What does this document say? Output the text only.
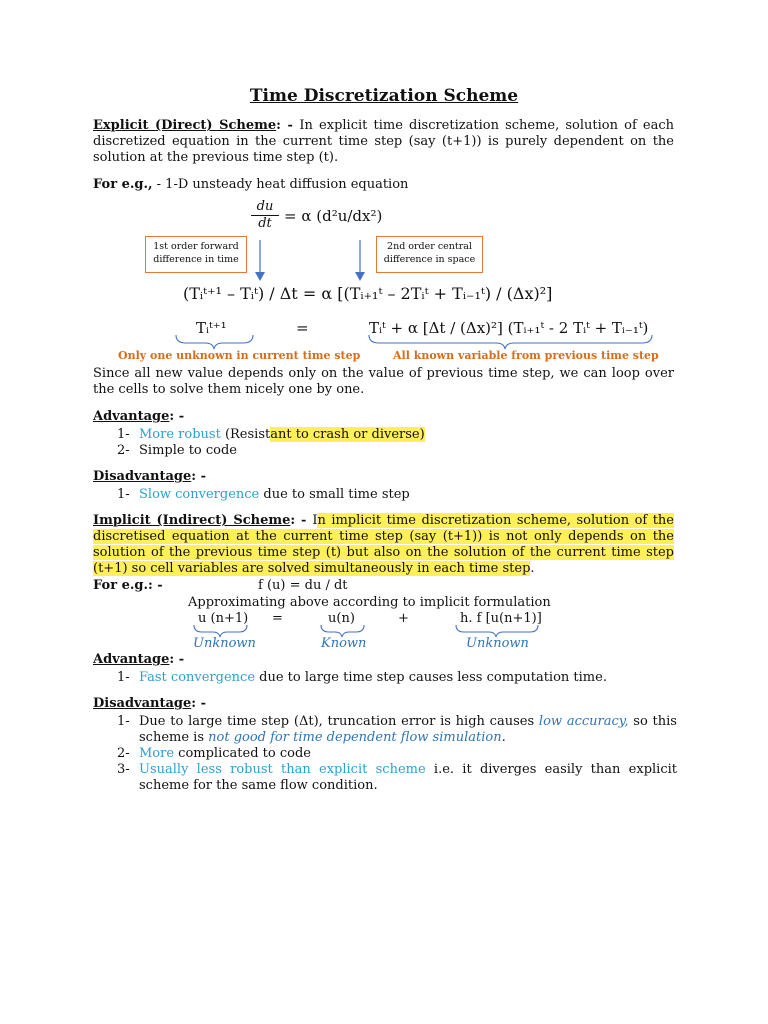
Time Discretization Scheme
Explicit (Direct) Scheme: - In explicit time discretization scheme, solution of each discretized equation in the current time step (say (t+1)) is purely dependent on the solution at the previous time step (t).
For e.g., - 1-D unsteady heat diffusion equation
$\frac{du}{dt} = \alpha$ (d²u/dx²)
1st order forward difference in time
2nd order central difference in space
(Tᵢᵗ⁺¹ – Tᵢᵗ) / Δt = α [(Tᵢ₊₁ᵗ – 2Tᵢᵗ + Tᵢ₋₁ᵗ) / (Δx)²]
Tᵢᵗ⁺¹	=	Tᵢᵗ + α [Δt / (Δx)²] (Tᵢ₊₁ᵗ - 2 Tᵢᵗ + Tᵢ₋₁ᵗ)
Only one unknown in current time step	All known variable from previous time step
Since all new value depends only on the value of previous time step, we can loop over the cells to solve them nicely one by one.
Advantage: -
1- More robust (Resistant to crash or diverse)
2- Simple to code
Disadvantage: -
1- Slow convergence due to small time step
Implicit (Indirect) Scheme: - In implicit time discretization scheme, solution of the discretised equation at the current time step (say (t+1)) is not only depends on the solution of the previous time step (t) but also on the solution of the current time step (t+1) so cell variables are solved simultaneously in each time step.
For e.g.: -	f (u) = du / dt
Approximating above according to implicit formulation
u (n+1) =	u(n)	+	h. f [u(n+1)]
Unknown	Known	Unknown
Advantage: -
1- Fast convergence due to large time step causes less computation time.
Disadvantage: -
1- Due to large time step (Δt), truncation error is high causes low accuracy, so this scheme is not good for time dependent flow simulation.
2- More complicated to code
3- Usually less robust than explicit scheme i.e. it diverges easily than explicit scheme for the same flow condition.
